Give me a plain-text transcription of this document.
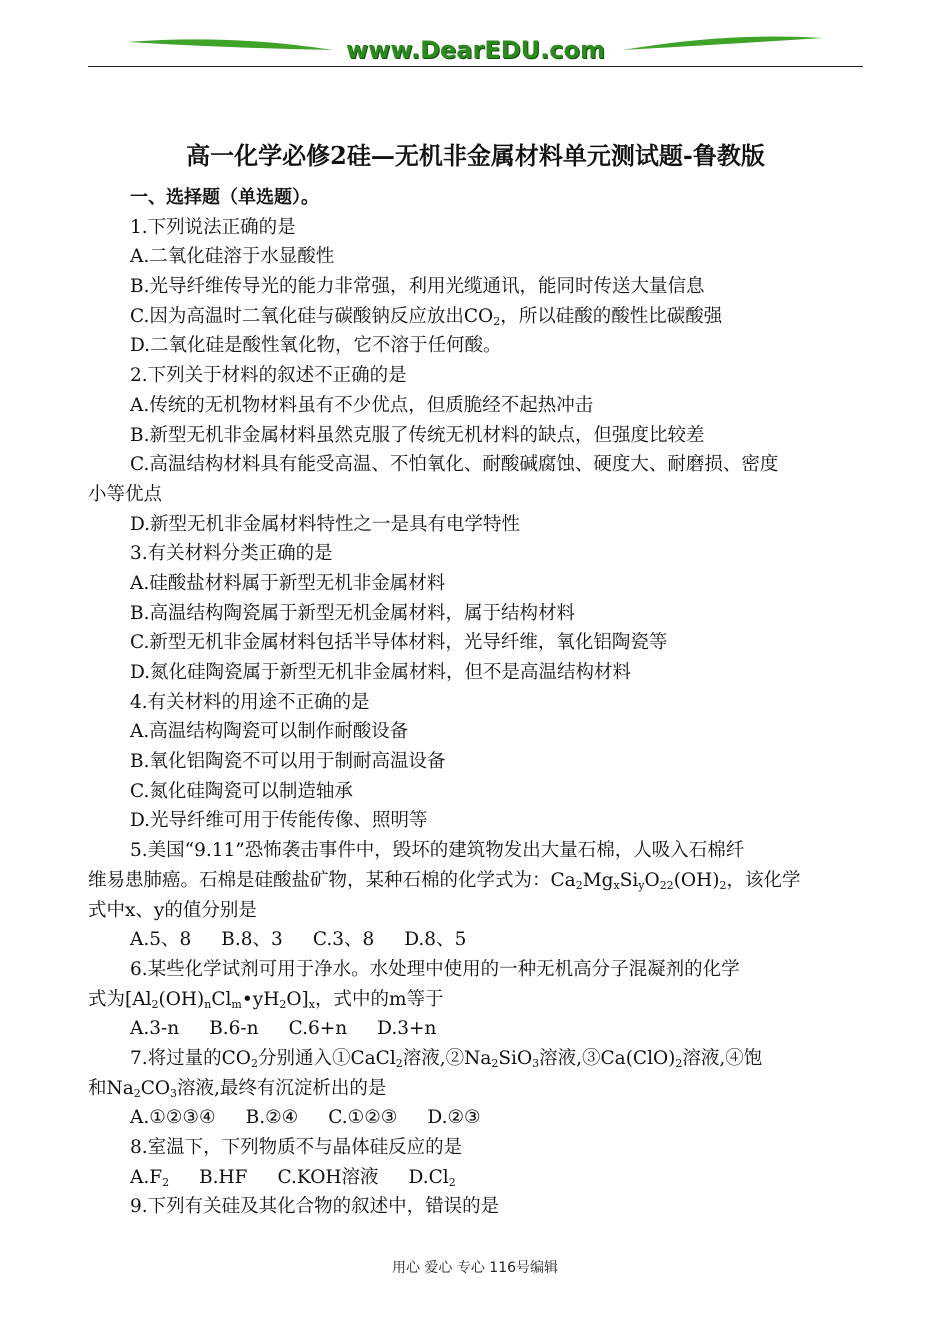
www.DearEDU.com
高一化学必修2硅—无机非金属材料单元测试题-鲁教版
一、选择题（单选题）。
1.下列说法正确的是
A.二氧化硅溶于水显酸性
B.光导纤维传导光的能力非常强，利用光缆通讯，能同时传送大量信息
C.因为高温时二氧化硅与碳酸钠反应放出$CO_2$，所以硅酸的酸性比碳酸强
D.二氧化硅是酸性氧化物，它不溶于任何酸。
2.下列关于材料的叙述不正确的是
A.传统的无机物材料虽有不少优点，但质脆经不起热冲击
B.新型无机非金属材料虽然克服了传统无机材料的缺点，但强度比较差
C.高温结构材料具有能受高温、不怕氧化、耐酸碱腐蚀、硬度大、耐磨损、密度
小等优点
D.新型无机非金属材料特性之一是具有电学特性
3.有关材料分类正确的是
A.硅酸盐材料属于新型无机非金属材料
B.高温结构陶瓷属于新型无机金属材料，属于结构材料
C.新型无机非金属材料包括半导体材料，光导纤维，氧化铝陶瓷等
D.氮化硅陶瓷属于新型无机非金属材料，但不是高温结构材料
4.有关材料的用途不正确的是
A.高温结构陶瓷可以制作耐酸设备
B.氧化铝陶瓷不可以用于制耐高温设备
C.氮化硅陶瓷可以制造轴承
D.光导纤维可用于传能传像、照明等
5.美国“9.11”恐怖袭击事件中，毁坏的建筑物发出大量石棉，人吸入石棉纤
维易患肺癌。石棉是硅酸盐矿物，某种石棉的化学式为：$Ca_2Mg_xSi_yO_{22}(OH)_2$，该化学
式中x、y的值分别是
A.5、8 B.8、3 C.3、8 D.8、5
6.某些化学试剂可用于净水。水处理中使用的一种无机高分子混凝剂的化学
式为$[Al_2(OH)_nCl_m•yH_2O]_x$，式中的m等于
A.3-n B.6-n C.6+n D.3+n
7.将过量的$CO_2$分别通入①CaCl$_2$溶液$,②Na_2SiO_3$溶液$,③Ca(ClO)_2$溶液,④饱
和$Na_2CO_3$溶液,最终有沉淀析出的是
A.①②③④ B.②④ C.①②③ D.②③
8.室温下，下列物质不与晶体硅反应的是
$A.F_2$ B.HF C.KOH溶液 $D.Cl_2$
9.下列有关硅及其化合物的叙述中，错误的是
用心 爱心 专心 116号编辑
